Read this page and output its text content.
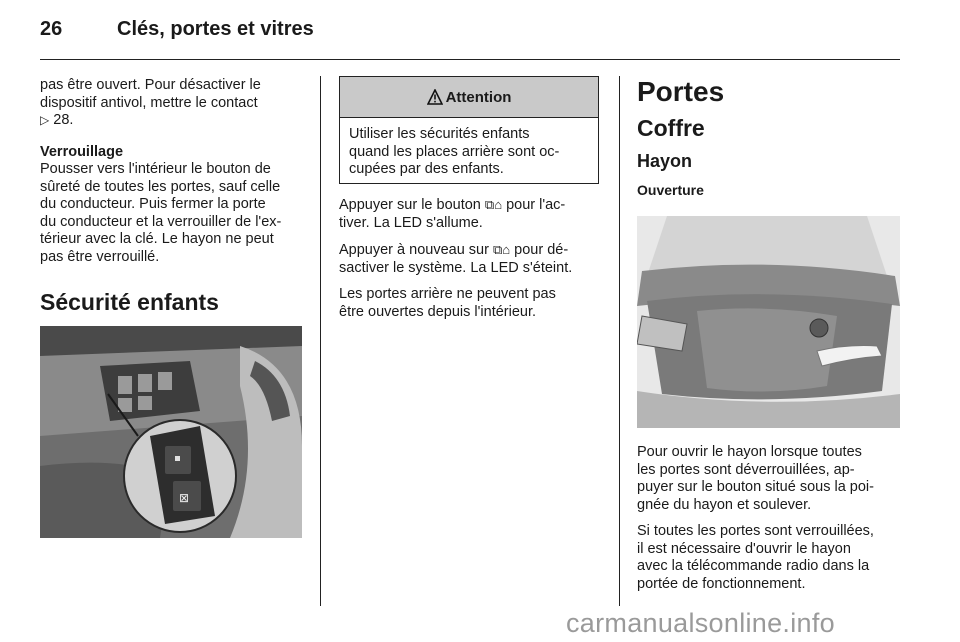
26	Clés, portes et vitres

pas être ouvert. Pour désactiver le
dispositif antivol, mettre le contact
▷ 28.

Verrouillage

Pousser vers l'intérieur le bouton de
sûreté de toutes les portes, sauf celle
du conducteur. Puis fermer la porte
du conducteur et la verrouiller de l'ex-
térieur avec la clé. Le hayon ne peut
pas être verrouillé.

Sécurité enfants
⊠
Attention
Utiliser les sécurités enfants
quand les places arrière sont oc-
cupées par des enfants.

Appuyer sur le bouton ⧉⌂ pour l'ac-
tiver. La LED s'allume.

Appuyer à nouveau sur ⧉⌂ pour dé-
sactiver le système. La LED s'éteint.

Les portes arrière ne peuvent pas
être ouvertes depuis l'intérieur.

Portes
Coffre
Hayon
Ouverture

Pour ouvrir le hayon lorsque toutes
les portes sont déverrouillées, ap-
puyer sur le bouton situé sous la poi-
gnée du hayon et soulever.

Si toutes les portes sont verrouillées,
il est nécessaire d'ouvrir le hayon
avec la télécommande radio dans la
portée de fonctionnement.

carmanualsonline.info
